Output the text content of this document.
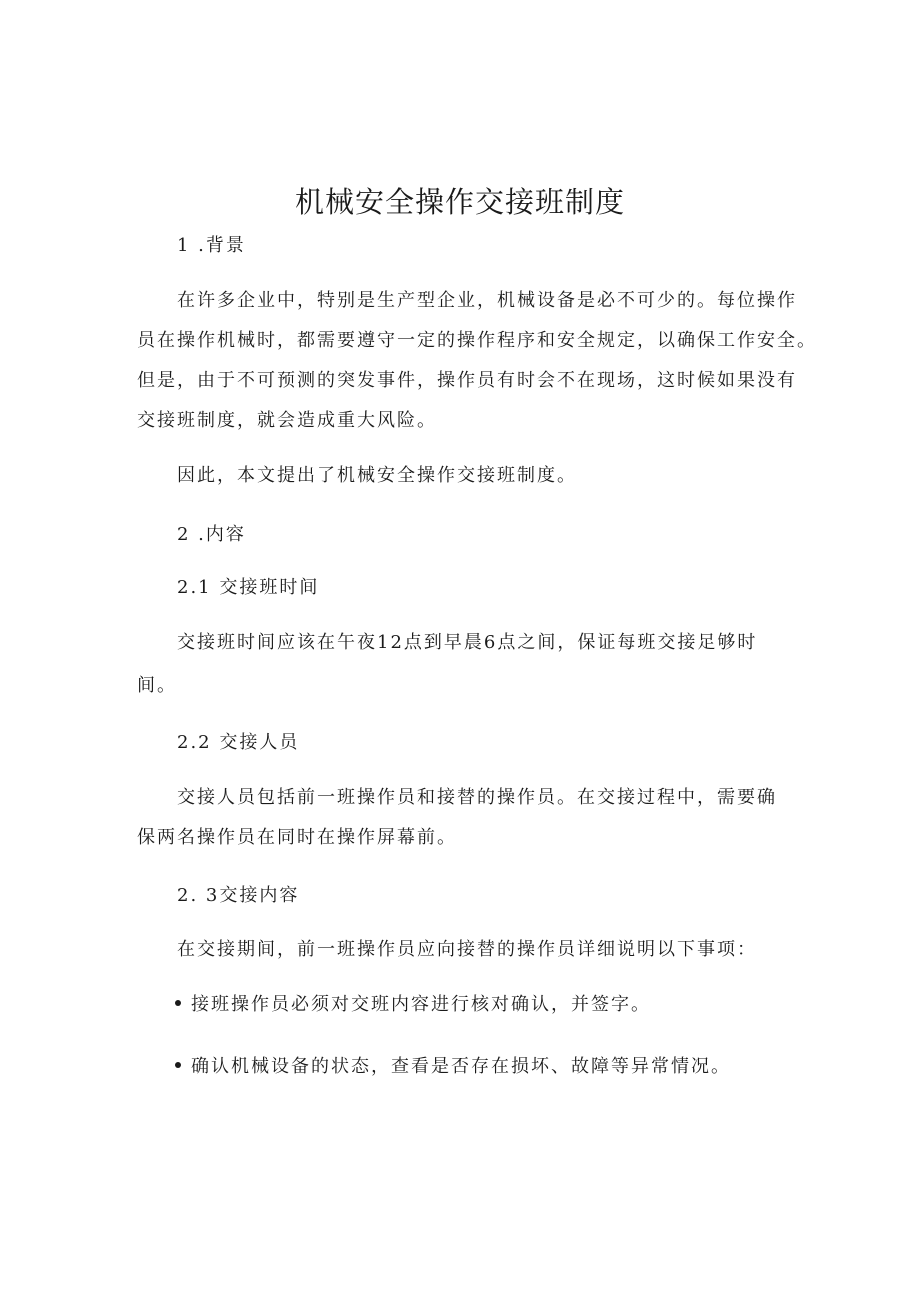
机械安全操作交接班制度

1 .背景

在许多企业中，特别是生产型企业，机械设备是必不可少的。每位操作

员在操作机械时，都需要遵守一定的操作程序和安全规定，以确保工作安全。

但是，由于不可预测的突发事件，操作员有时会不在现场，这时候如果没有

交接班制度，就会造成重大风险。

因此，本文提出了机械安全操作交接班制度。

2 .内容

2.1 交接班时间

交接班时间应该在午夜12点到早晨6点之间，保证每班交接足够时

间。

2.2 交接人员

交接人员包括前一班操作员和接替的操作员。在交接过程中，需要确

保两名操作员在同时在操作屏幕前。

2. 3交接内容

在交接期间，前一班操作员应向接替的操作员详细说明以下事项：

接班操作员必须对交班内容进行核对确认，并签字。
确认机械设备的状态，查看是否存在损坏、故障等异常情况。
